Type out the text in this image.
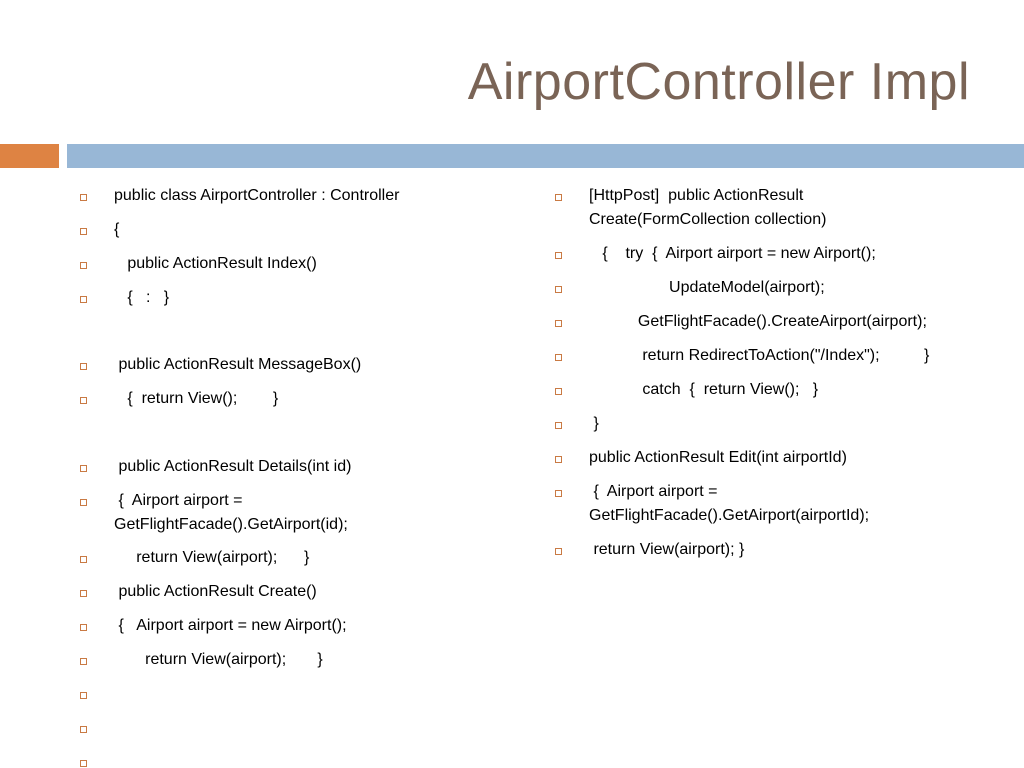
AirportController Impl
public class AirportController : Controller
{
public ActionResult Index()
{   :   }
public ActionResult MessageBox()
{  return View();        }
public ActionResult Details(int id)
{  Airport airport =
GetFlightFacade().GetAirport(id);
return View(airport);      }
public ActionResult Create()
{   Airport airport = new Airport();
return View(airport);       }
[HttpPost]  public ActionResult
Create(FormCollection collection)
{    try  {  Airport airport = new Airport();
UpdateModel(airport);
GetFlightFacade().CreateAirport(airport);
return RedirectToAction("/Index");          }
catch  {  return View();   }
}
public ActionResult Edit(int airportId)
{  Airport airport =
GetFlightFacade().GetAirport(airportId);
return View(airport); }
